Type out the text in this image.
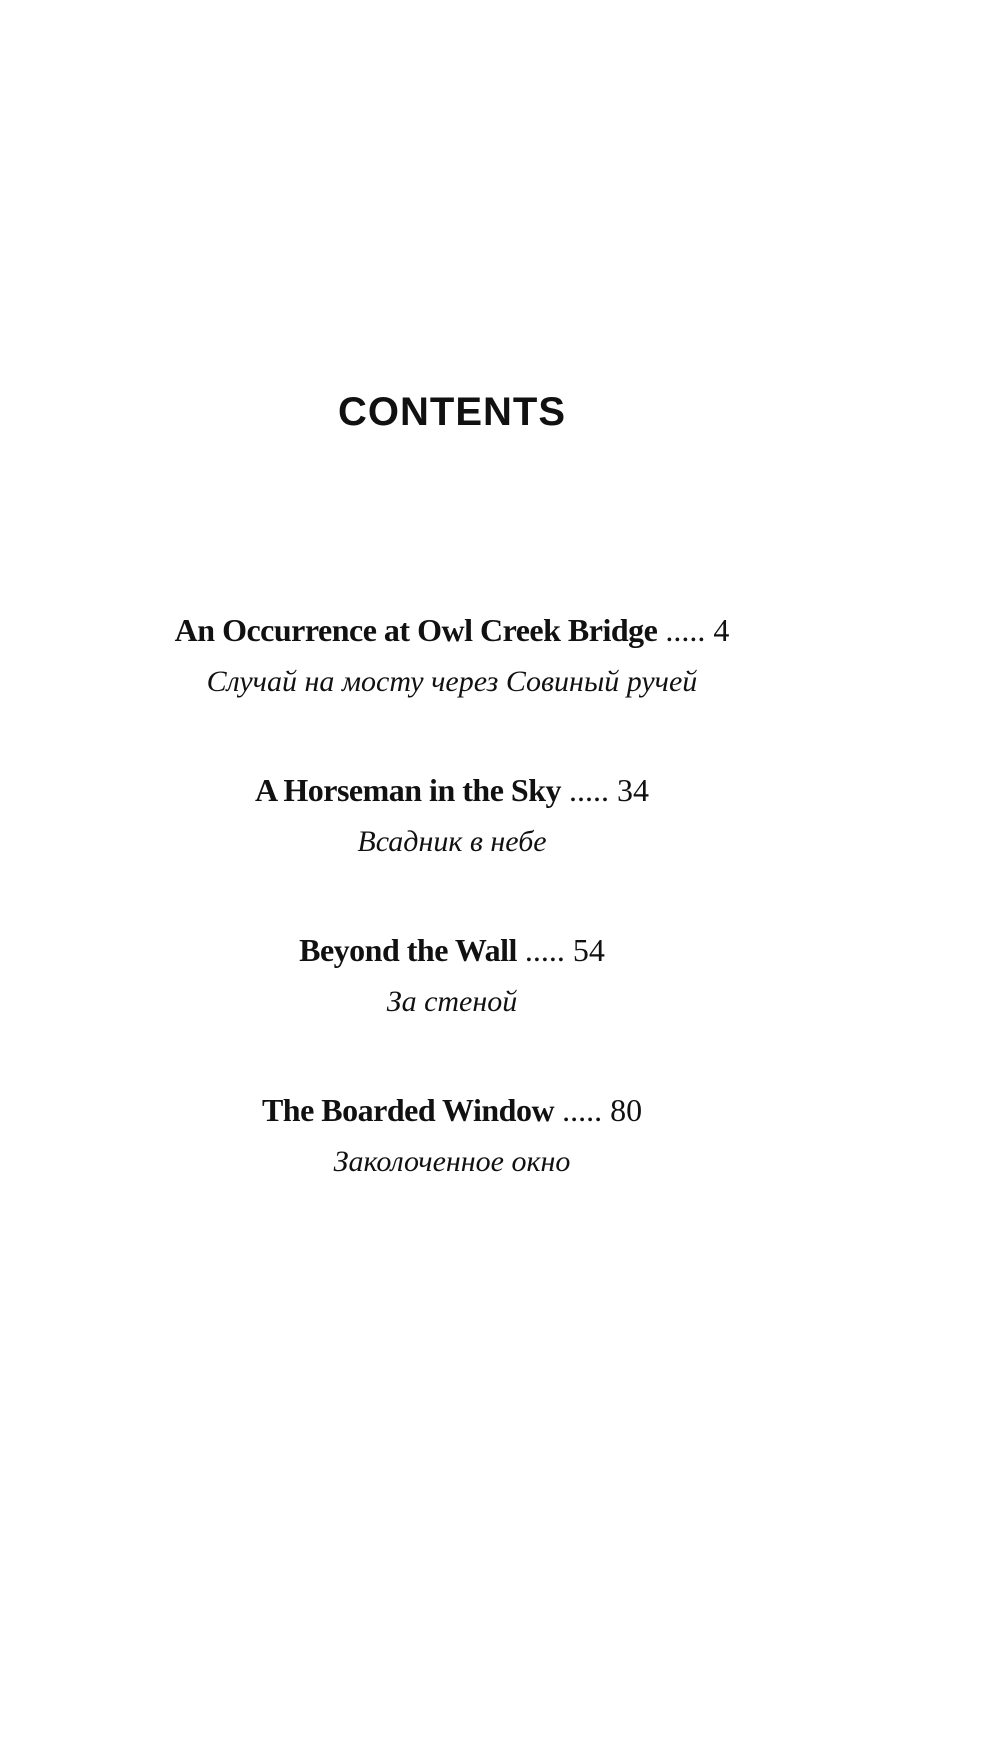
CONTENTS
An Occurrence at Owl Creek Bridge ..... 4
Случай на мосту через Совиный ручей
A Horseman in the Sky ..... 34
Всадник в небе
Beyond the Wall ..... 54
За стеной
The Boarded Window ..... 80
Заколоченное окно
